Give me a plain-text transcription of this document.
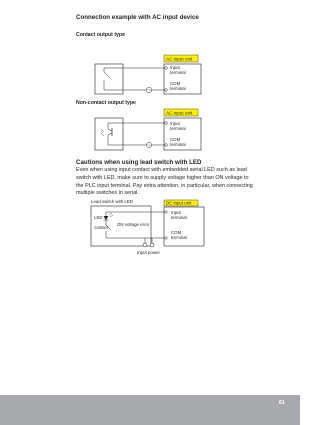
Connection example with AC input device
Contact output type
AC input unit
Input
terminal
COM
terminal
Non-contact output type
AC input unit
Input
terminal
COM
terminal
Cautions when using lead switch with LED

Even when using input contact with embedded serial LED such as lead switch with LED, make sure to supply voltage higher than ON voltage to the PLC input terminal. Pay extra attention, in particular, when connecting multiple switches in serial.

Lead switch with LED	DC input unit
LED
contact
ON voltage error
Input power
Input
terminal
COM
terminal
61
